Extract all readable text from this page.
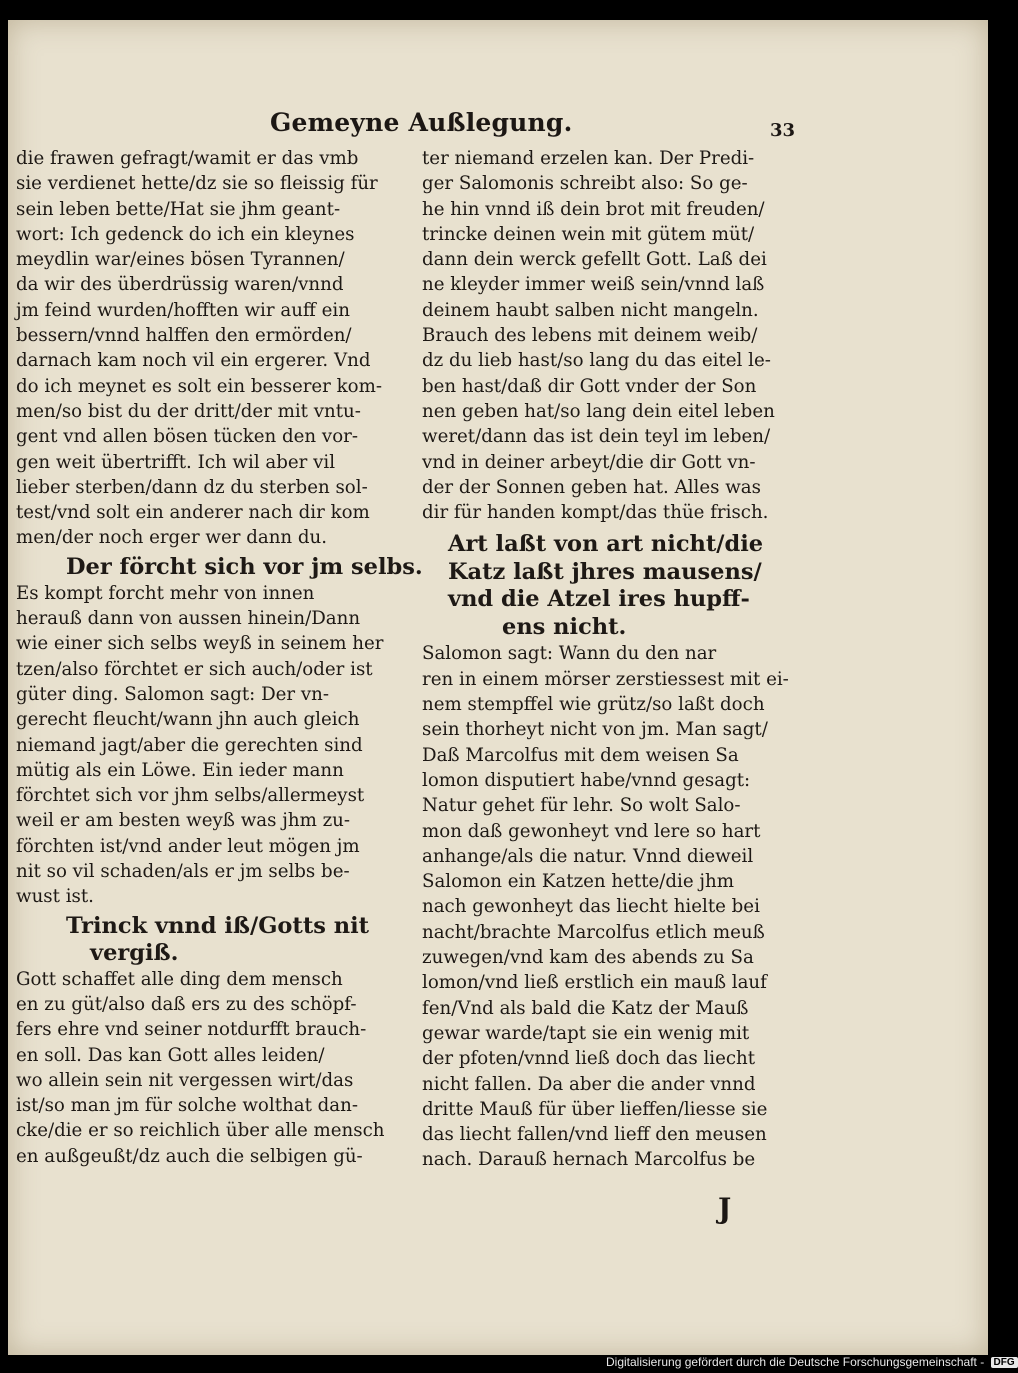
Gemeyne Außlegung.	33
die frawen gefragt/wamit er das vmb
sie verdienet hette/dz sie so fleissig für
sein leben bette/Hat sie jhm geant-
wort: Ich gedenck do ich ein kleynes
meydlin war/eines bösen Tyrannen/
da wir des überdrüssig waren/vnnd
jm feind wurden/hofften wir auff ein
bessern/vnnd halffen den ermörden/
darnach kam noch vil ein ergerer. Vnd
do ich meynet es solt ein besserer kom-
men/so bist du der dritt/der mit vntu-
gent vnd allen bösen tücken den vor-
gen weit übertrifft. Ich wil aber vil
lieber sterben/dann dz du sterben sol-
test/vnd solt ein anderer nach dir kom
men/der noch erger wer dann du.
Der förcht sich vor jm selbs.
Es kompt forcht mehr von innen
herauß dann von aussen hinein/Dann
wie einer sich selbs weyß in seinem her
tzen/also förchtet er sich auch/oder ist
güter ding. Salomon sagt: Der vn-
gerecht fleucht/wann jhn auch gleich
niemand jagt/aber die gerechten sind
mütig als ein Löwe. Ein ieder mann
förchtet sich vor jhm selbs/allermeyst
weil er am besten weyß was jhm zu-
förchten ist/vnd ander leut mögen jm
nit so vil schaden/als er jm selbs be-
wust ist.
Trinck vnnd iß/Gotts nit
vergiß.
Gott schaffet alle ding dem mensch
en zu güt/also daß ers zu des schöpf-
fers ehre vnd seiner notdurfft brauch-
en soll. Das kan Gott alles leiden/
wo allein sein nit vergessen wirt/das
ist/so man jm für solche wolthat dan-
cke/die er so reichlich über alle mensch
en außgeußt/dz auch die selbigen gü-
ter niemand erzelen kan. Der Predi-
ger Salomonis schreibt also: So ge-
he hin vnnd iß dein brot mit freuden/
trincke deinen wein mit gütem müt/
dann dein werck gefellt Gott. Laß dei
ne kleyder immer weiß sein/vnnd laß
deinem haubt salben nicht mangeln.
Brauch des lebens mit deinem weib/
dz du lieb hast/so lang du das eitel le-
ben hast/daß dir Gott vnder der Son
nen geben hat/so lang dein eitel leben
weret/dann das ist dein teyl im leben/
vnd in deiner arbeyt/die dir Gott vn-
der der Sonnen geben hat. Alles was
dir für handen kompt/das thüe frisch.
Art laßt von art nicht/die
Katz laßt jhres mausens/
vnd die Atzel ires hupff-
ens nicht.
Salomon sagt: Wann du den nar
ren in einem mörser zerstiessest mit ei-
nem stempffel wie grütz/so laßt doch
sein thorheyt nicht von jm. Man sagt/
Daß Marcolfus mit dem weisen Sa
lomon disputiert habe/vnnd gesagt:
Natur gehet für lehr. So wolt Salo-
mon daß gewonheyt vnd lere so hart
anhange/als die natur. Vnnd dieweil
Salomon ein Katzen hette/die jhm
nach gewonheyt das liecht hielte bei
nacht/brachte Marcolfus etlich meuß
zuwegen/vnd kam des abends zu Sa
lomon/vnd ließ erstlich ein mauß lauf
fen/Vnd als bald die Katz der Mauß
gewar warde/tapt sie ein wenig mit
der pfoten/vnnd ließ doch das liecht
nicht fallen. Da aber die ander vnnd
dritte Mauß für über lieffen/liesse sie
das liecht fallen/vnd lieff den meusen
nach. Darauß hernach Marcolfus be
J
Digitalisierung gefördert durch die Deutsche Forschungsgemeinschaft - DFG
